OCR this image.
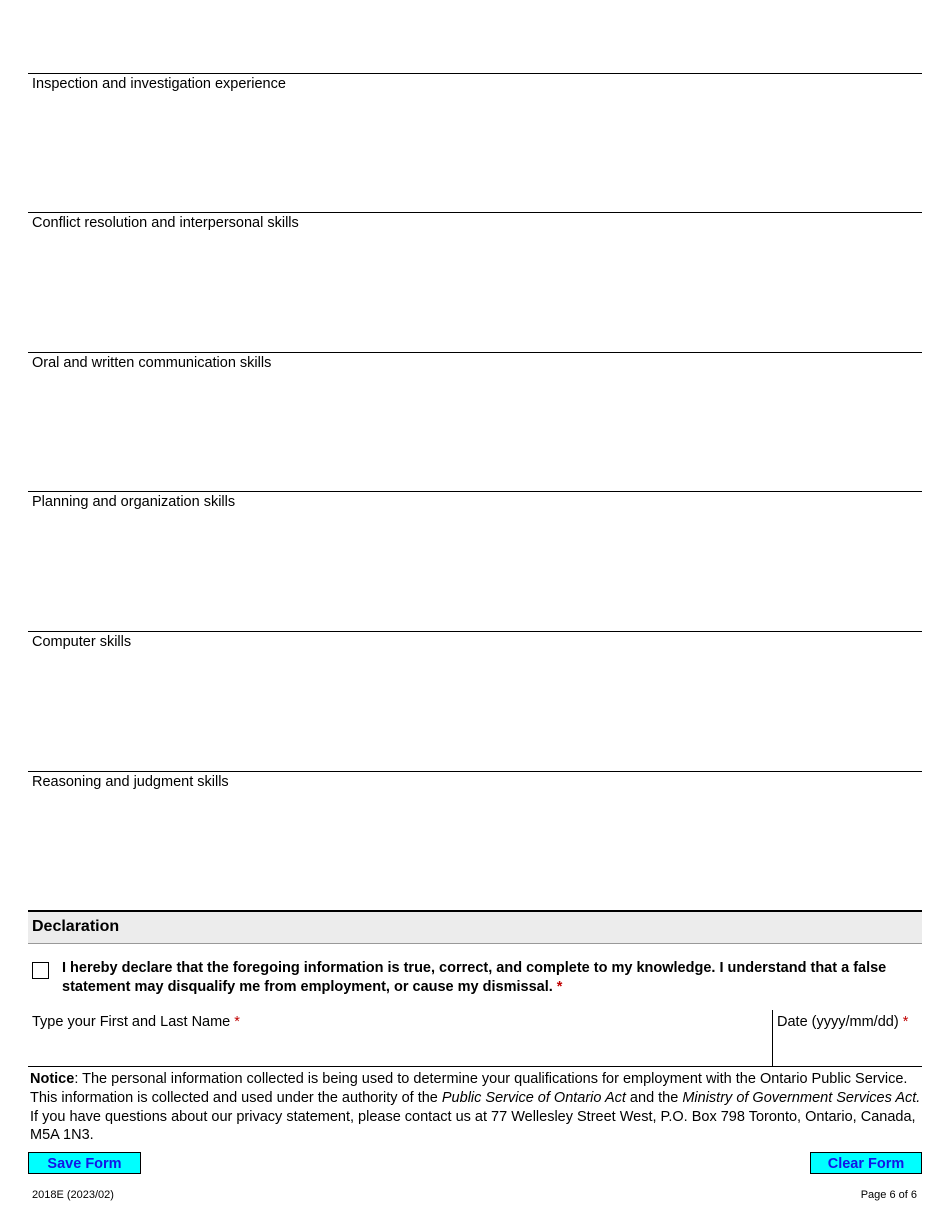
Inspection and investigation experience
Conflict resolution and interpersonal skills
Oral and written communication skills
Planning and organization skills
Computer skills
Reasoning and judgment skills
Declaration
I hereby declare that the foregoing information is true, correct, and complete to my knowledge. I understand that a false statement may disqualify me from employment, or cause my dismissal. *
Type your First and Last Name *	Date (yyyy/mm/dd) *
Notice: The personal information collected is being used to determine your qualifications for employment with the Ontario Public Service. This information is collected and used under the authority of the Public Service of Ontario Act and the Ministry of Government Services Act. If you have questions about our privacy statement, please contact us at 77 Wellesley Street West, P.O. Box 798 Toronto, Ontario, Canada, M5A 1N3.
Save Form	Clear Form
2018E (2023/02)	Page 6 of 6
